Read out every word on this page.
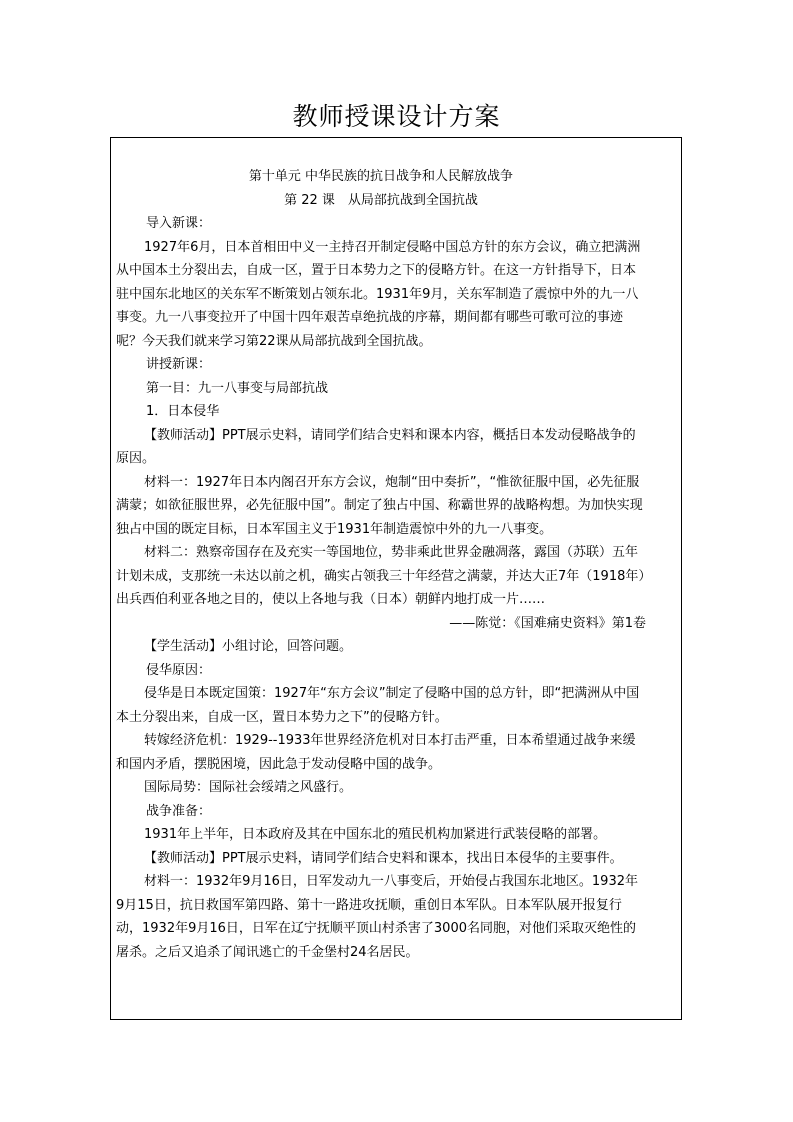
教师授课设计方案

第十单元 中华民族的抗日战争和人民解放战争

第 22 课　从局部抗战到全国抗战

导入新课：

1927年6月，日本首相田中义一主持召开制定侵略中国总方针的东方会议，确立把满洲从中国本土分裂出去，自成一区，置于日本势力之下的侵略方针。在这一方针指导下，日本驻中国东北地区的关东军不断策划占领东北。1931年9月，关东军制造了震惊中外的九一八事变。九一八事变拉开了中国十四年艰苦卓绝抗战的序幕，期间都有哪些可歌可泣的事迹呢？今天我们就来学习第22课从局部抗战到全国抗战。

讲授新课：

第一目：九一八事变与局部抗战

1．日本侵华

【教师活动】PPT展示史料，请同学们结合史料和课本内容，概括日本发动侵略战争的原因。

材料一：1927年日本内阁召开东方会议，炮制“田中奏折”，“惟欲征服中国，必先征服满蒙；如欲征服世界，必先征服中国”。制定了独占中国、称霸世界的战略构想。为加快实现独占中国的既定目标，日本军国主义于1931年制造震惊中外的九一八事变。

材料二：熟察帝国存在及充实一等国地位，势非乘此世界金融凋落，露国（苏联）五年计划未成，支那统一未达以前之机，确实占领我三十年经营之满蒙，并达大正7年（1918年）出兵西伯利亚各地之目的，使以上各地与我（日本）朝鲜内地打成一片……

——陈觉：《国难痛史资料》第1卷

【学生活动】小组讨论，回答问题。

侵华原因：

侵华是日本既定国策：1927年“东方会议”制定了侵略中国的总方针，即“把满洲从中国本土分裂出来，自成一区，置日本势力之下”的侵略方针。

转嫁经济危机：1929--1933年世界经济危机对日本打击严重，日本希望通过战争来缓和国内矛盾，摆脱困境，因此急于发动侵略中国的战争。

国际局势：国际社会绥靖之风盛行。

战争准备：

1931年上半年，日本政府及其在中国东北的殖民机构加紧进行武装侵略的部署。

【教师活动】PPT展示史料，请同学们结合史料和课本，找出日本侵华的主要事件。

材料一：1932年9月16日，日军发动九一八事变后，开始侵占我国东北地区。1932年9月15日，抗日救国军第四路、第十一路进攻抚顺，重创日本军队。日本军队展开报复行动，1932年9月16日，日军在辽宁抚顺平顶山村杀害了3000名同胞，对他们采取灭绝性的屠杀。之后又追杀了闻讯逃亡的千金堡村24名居民。
